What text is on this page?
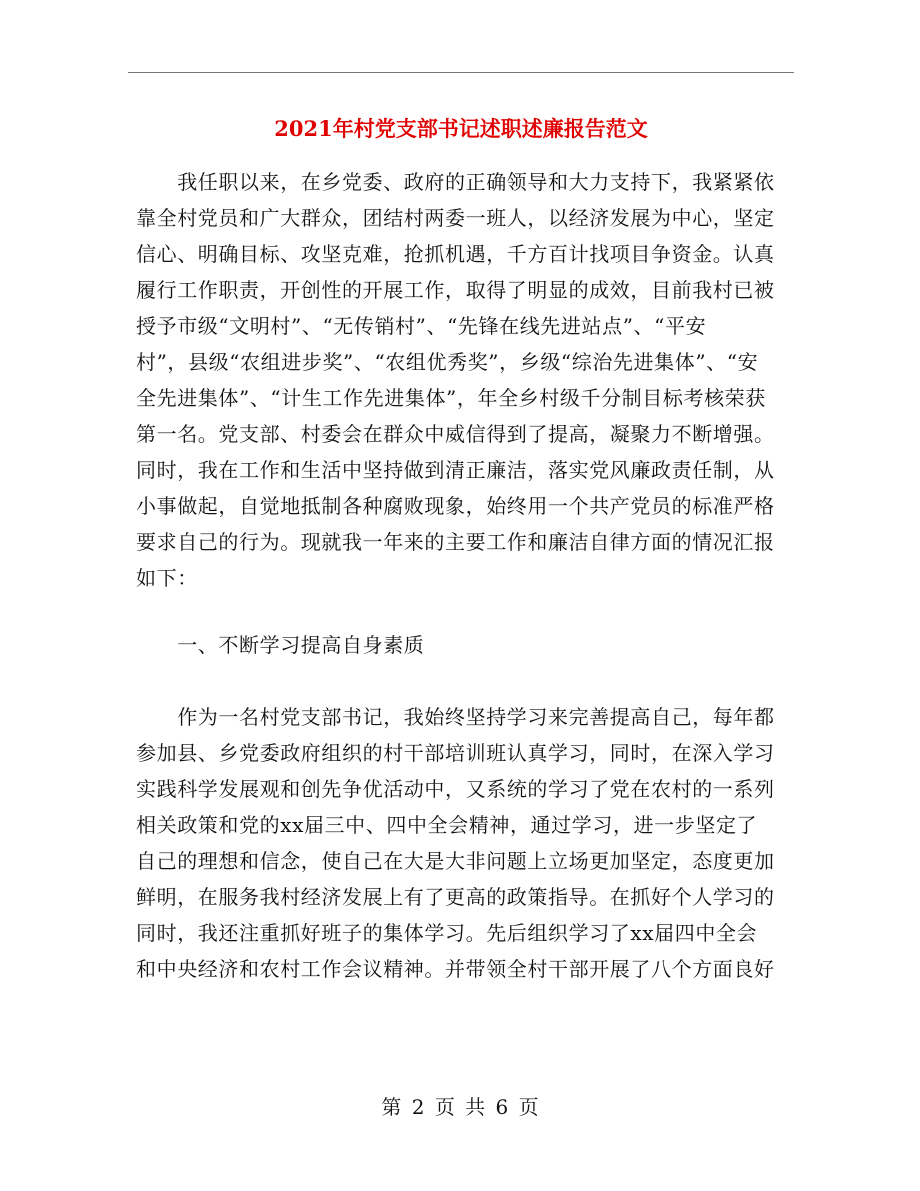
2021年村党支部书记述职述廉报告范文
　　我任职以来，在乡党委、政府的正确领导和大力支持下，我紧紧依
靠全村党员和广大群众，团结村两委一班人，以经济发展为中心，坚定
信心、明确目标、攻坚克难，抢抓机遇，千方百计找项目争资金。认真
履行工作职责，开创性的开展工作，取得了明显的成效，目前我村已被
授予市级“文明村”、“无传销村”、“先锋在线先进站点”、“平安
村”，县级“农组进步奖”、“农组优秀奖”，乡级“综治先进集体”、“安
全先进集体”、“计生工作先进集体”，年全乡村级千分制目标考核荣获
第一名。党支部、村委会在群众中威信得到了提高，凝聚力不断增强。
同时，我在工作和生活中坚持做到清正廉洁，落实党风廉政责任制，从
小事做起，自觉地抵制各种腐败现象，始终用一个共产党员的标准严格
要求自己的行为。现就我一年来的主要工作和廉洁自律方面的情况汇报
如下：
　　一、不断学习提高自身素质
　　作为一名村党支部书记，我始终坚持学习来完善提高自己，每年都
参加县、乡党委政府组织的村干部培训班认真学习，同时，在深入学习
实践科学发展观和创先争优活动中，又系统的学习了党在农村的一系列
相关政策和党的xx届三中、四中全会精神，通过学习，进一步坚定了
自己的理想和信念，使自己在大是大非问题上立场更加坚定，态度更加
鲜明，在服务我村经济发展上有了更高的政策指导。在抓好个人学习的
同时，我还注重抓好班子的集体学习。先后组织学习了xx届四中全会
和中央经济和农村工作会议精神。并带领全村干部开展了八个方面良好
第 2 页 共 6 页
